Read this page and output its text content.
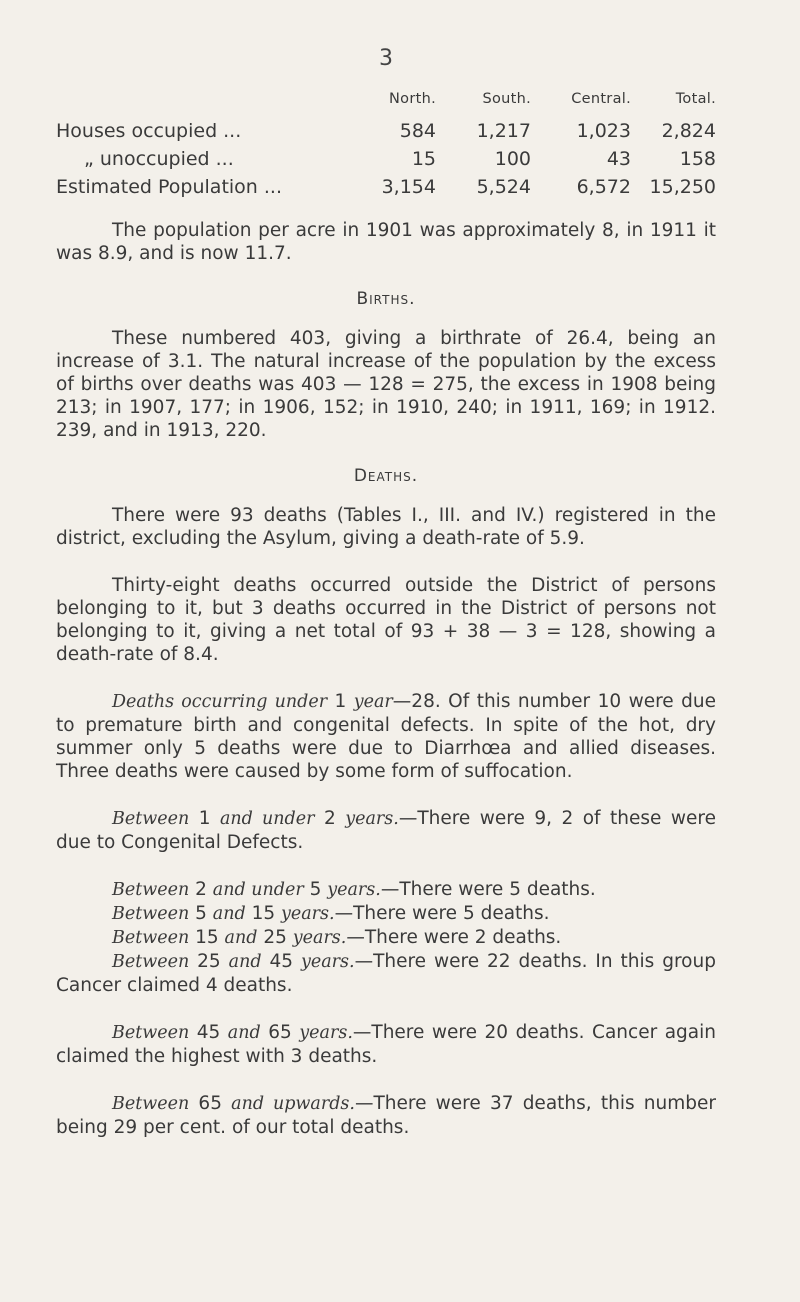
3
	North.	South.	Central.	Total.
Houses occupied ...	584	1,217	1,023	2,824
„ unoccupied ...	15	100	43	158
Estimated Population ...	3,154	5,524	6,572	15,250

The population per acre in 1901 was approximately 8, in 1911 it was 8.9, and is now 11.7.

Births.

These numbered 403, giving a birthrate of 26.4, being an increase of 3.1. The natural increase of the population by the excess of births over deaths was 403 — 128 = 275, the excess in 1908 being 213; in 1907, 177; in 1906, 152; in 1910, 240; in 1911, 169; in 1912. 239, and in 1913, 220.

Deaths.

There were 93 deaths (Tables I., III. and IV.) registered in the district, excluding the Asylum, giving a death-rate of 5.9.

Thirty-eight deaths occurred outside the District of persons belonging to it, but 3 deaths occurred in the District of persons not belonging to it, giving a net total of 93 + 38 — 3 = 128, showing a death-rate of 8.4.

Deaths occurring under 1 year—28. Of this number 10 were due to premature birth and congenital defects. In spite of the hot, dry summer only 5 deaths were due to Diarrhœa and allied diseases. Three deaths were caused by some form of suffocation.

Between 1 and under 2 years.—There were 9, 2 of these were due to Congenital Defects.

Between 2 and under 5 years.—There were 5 deaths.

Between 5 and 15 years.—There were 5 deaths.

Between 15 and 25 years.—There were 2 deaths.

Between 25 and 45 years.—There were 22 deaths. In this group Cancer claimed 4 deaths.

Between 45 and 65 years.—There were 20 deaths. Cancer again claimed the highest with 3 deaths.

Between 65 and upwards.—There were 37 deaths, this number being 29 per cent. of our total deaths.
